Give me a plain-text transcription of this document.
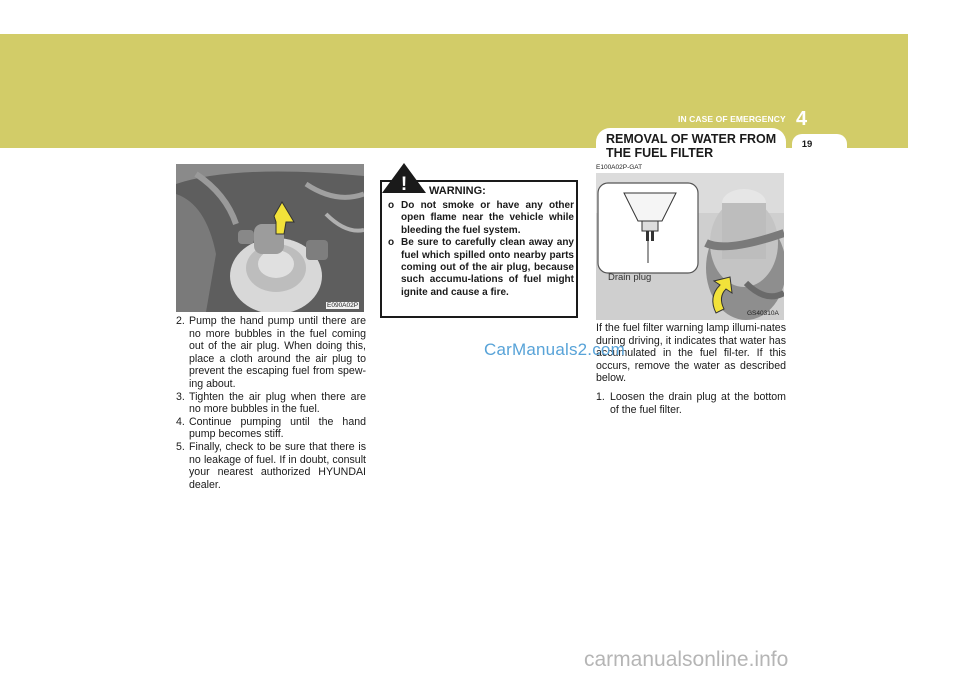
IN CASE OF EMERGENCY 4
REMOVAL OF WATER FROM THE FUEL FILTER
19
E090A02P
2. Pump the hand pump until there are no more bubbles in the fuel coming out of the air plug. When doing this, place a cloth around the air plug to prevent the escaping fuel from spew-ing about.
3. Tighten the air plug when there are no more bubbles in the fuel.
4. Continue pumping until the hand pump becomes stiff.
5. Finally, check to be sure that there is no leakage of fuel. If in doubt, consult your nearest authorized HYUNDAI dealer.
! WARNING:
o Do not smoke or have any other open flame near the vehicle while bleeding the fuel system.
o Be sure to carefully clean away any fuel which spilled onto nearby parts coming out of the air plug, because such accumu-lations of fuel might ignite and cause a fire.
E100A02P-GAT
GS40310A
Drain plug

If the fuel filter warning lamp illumi-nates during driving, it indicates that water has accumulated in the fuel fil-ter. If this occurs, remove the water as described below.

1. Loosen the drain plug at the bottom of the fuel filter.
CarManuals2.com
carmanualsonline.info
